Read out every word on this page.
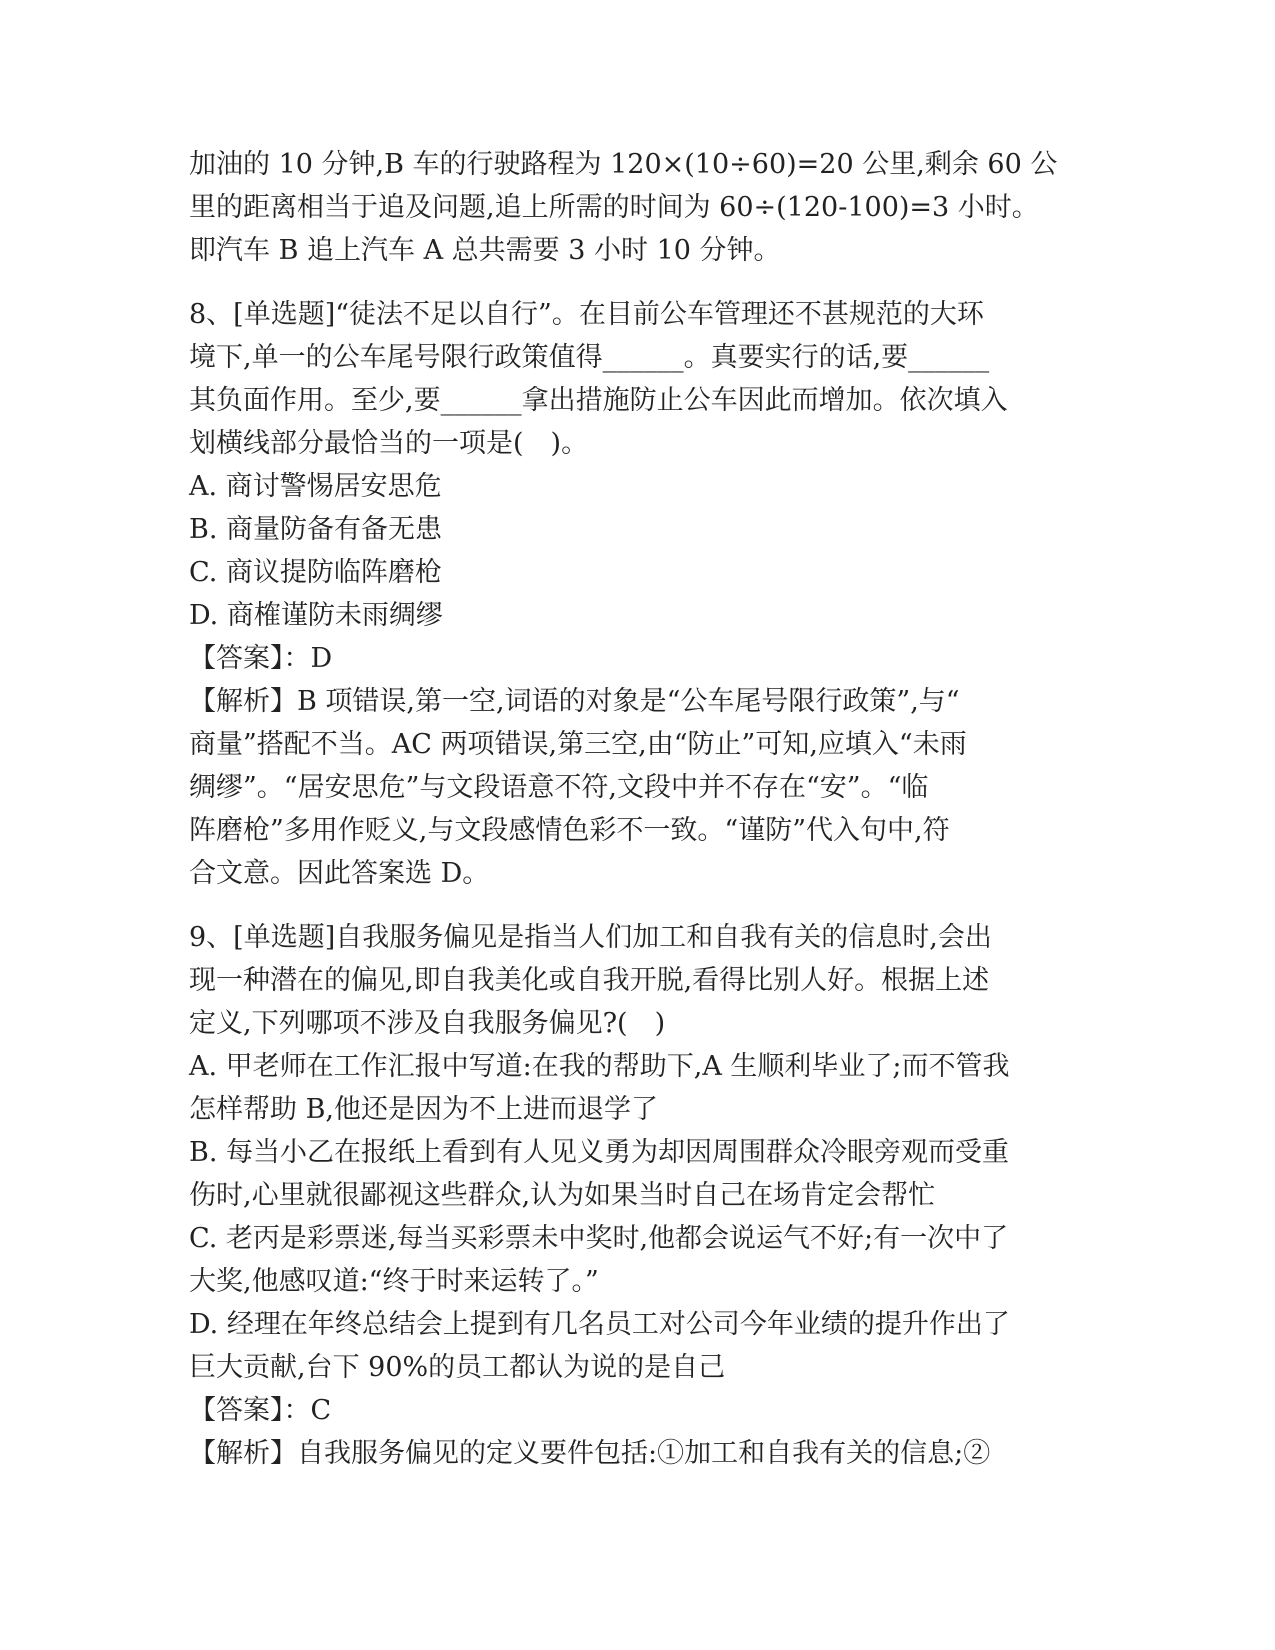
加油的 10 分钟,B 车的行驶路程为 120×(10÷60)=20 公里,剩余 60 公
里的距离相当于追及问题,追上所需的时间为 60÷(120-100)=3 小时。
即汽车 B 追上汽车 A 总共需要 3 小时 10 分钟。
8、[单选题]“徒法不足以自行”。在目前公车管理还不甚规范的大环
境下,单一的公车尾号限行政策值得______。真要实行的话,要______
其负面作用。至少,要______拿出措施防止公车因此而增加。依次填入
划横线部分最恰当的一项是(　)。
A. 商讨警惕居安思危
B. 商量防备有备无患
C. 商议提防临阵磨枪
D. 商榷谨防未雨绸缪
【答案】：D
【解析】B 项错误,第一空,词语的对象是“公车尾号限行政策”,与“
商量”搭配不当。AC 两项错误,第三空,由“防止”可知,应填入“未雨
绸缪”。“居安思危”与文段语意不符,文段中并不存在“安”。“临
阵磨枪”多用作贬义,与文段感情色彩不一致。“谨防”代入句中,符
合文意。因此答案选 D。
9、[单选题]自我服务偏见是指当人们加工和自我有关的信息时,会出
现一种潜在的偏见,即自我美化或自我开脱,看得比别人好。根据上述
定义,下列哪项不涉及自我服务偏见?(　)
A. 甲老师在工作汇报中写道:在我的帮助下,A 生顺利毕业了;而不管我
怎样帮助 B,他还是因为不上进而退学了
B. 每当小乙在报纸上看到有人见义勇为却因周围群众冷眼旁观而受重
伤时,心里就很鄙视这些群众,认为如果当时自己在场肯定会帮忙
C. 老丙是彩票迷,每当买彩票未中奖时,他都会说运气不好;有一次中了
大奖,他感叹道:“终于时来运转了。”
D. 经理在年终总结会上提到有几名员工对公司今年业绩的提升作出了
巨大贡献,台下 90%的员工都认为说的是自己
【答案】：C
【解析】自我服务偏见的定义要件包括:①加工和自我有关的信息;②
